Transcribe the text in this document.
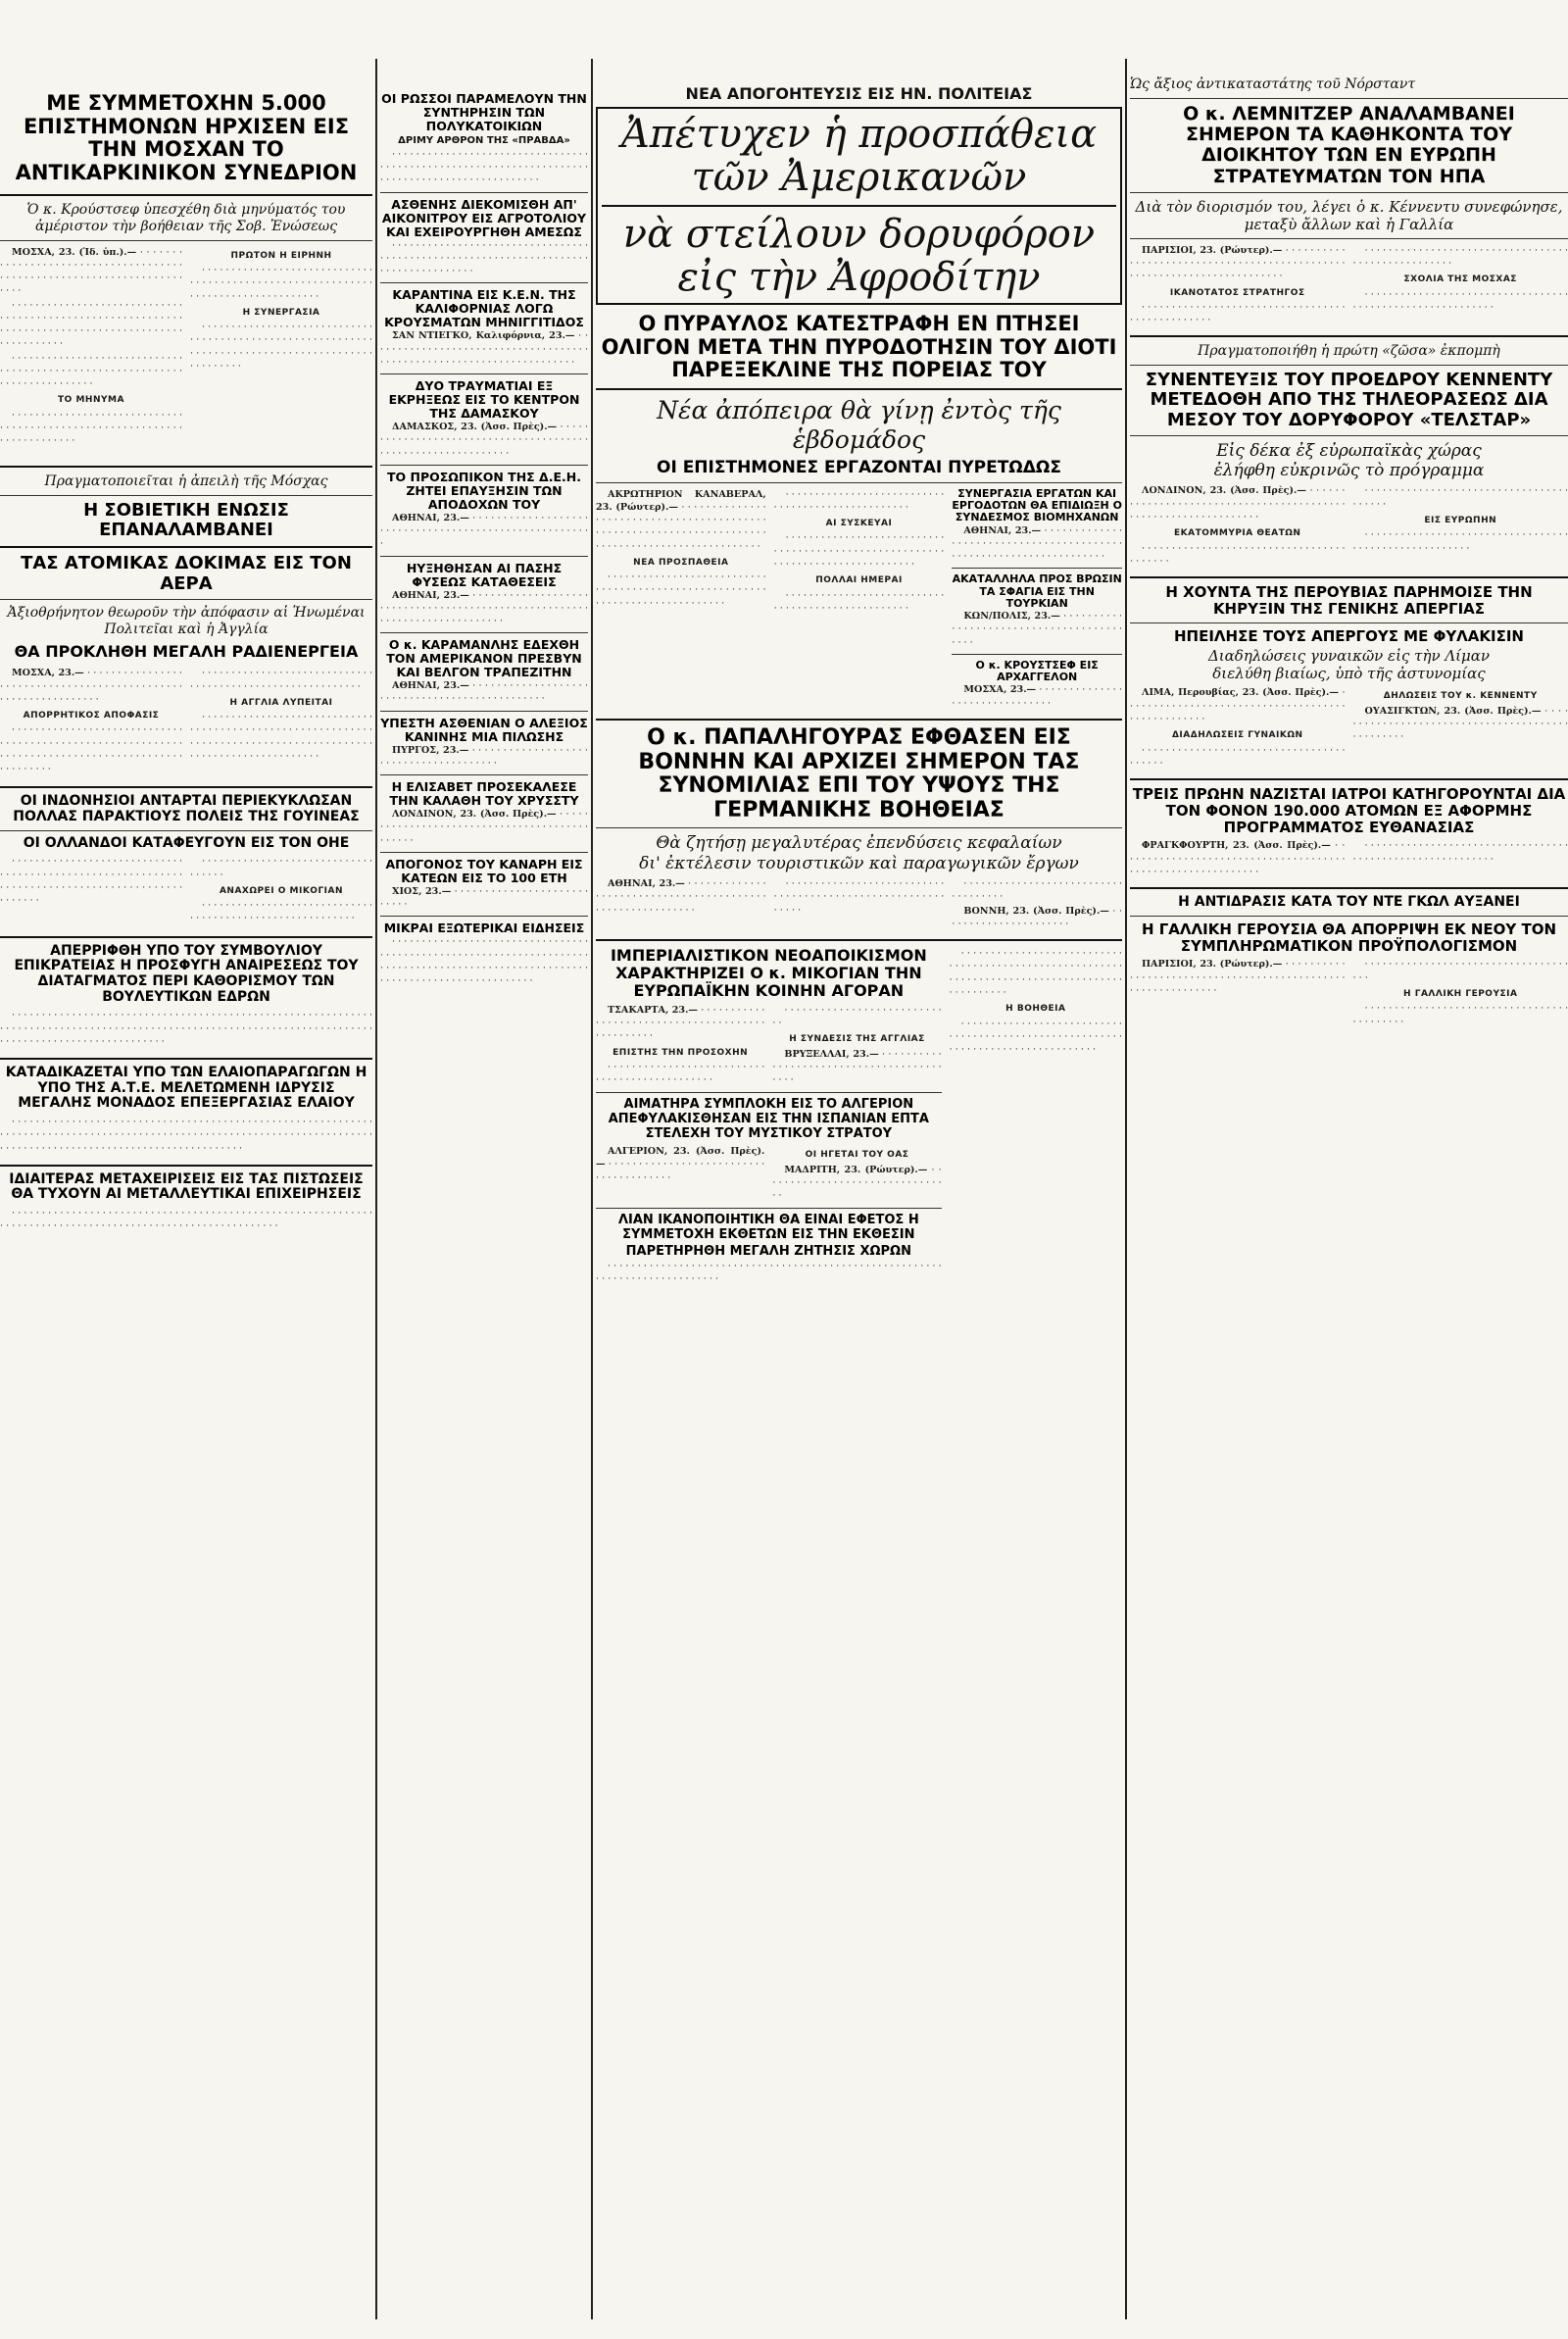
ΜΕ ΣΥΜΜΕΤΟΧΗΝ 5.000 ΕΠΙΣΤΗΜΟΝΩΝ ΗΡΧΙΣΕΝ ΕΙΣ ΤΗΝ ΜΟΣΧΑΝ ΤΟ ΑΝΤΙΚΑΡΚΙΝΙΚΟΝ ΣΥΝΕΔΡΙΟΝ
Ὁ κ. Κρούστσεφ ὑπεσχέθη διὰ μηνύματός του ἀμέριστον τὴν βοήθειαν τῆς Σοβ. Ἑνώσεως

ΜΟΣΧΑ, 23. (Ἰδ. ὑπ.).— · · · · · · · · · · · · · · · · · · · · · · · · · · · · · · · · · · · · · · · · · · · · · · · · · · · · · · · · · · · · · · · · · · · · · · ·

· · · · · · · · · · · · · · · · · · · · · · · · · · · · · · · · · · · · · · · · · · · · · · · · · · · · · · · · · · · · · · · · · · · · · · · · · · · · · · · · · · · · · · · · · · · · · · · · · · · ·

· · · · · · · · · · · · · · · · · · · · · · · · · · · · · · · · · · · · · · · · · · · · · · · · · · · · · · · · · · · · · · · · · · · · · · · · · · ·

ΤΟ ΜΗΝΥΜΑ

· · · · · · · · · · · · · · · · · · · · · · · · · · · · · · · · · · · · · · · · · · · · · · · · · · · · · · · · · · · · · · · · · · · · · · · ·

ΠΡΩΤΟΝ Η ΕΙΡΗΝΗ

· · · · · · · · · · · · · · · · · · · · · · · · · · · · · · · · · · · · · · · · · · · · · · · · · · · · · · · · · · · · · · · · · · · · · · · · · · · · · · · · ·

Η ΣΥΝΕΡΓΑΣΙΑ

· · · · · · · · · · · · · · · · · · · · · · · · · · · · · · · · · · · · · · · · · · · · · · · · · · · · · · · · · · · · · · · · · · · · · · · · · · · · · · · · · · · · · · · · · · · · · · · · · ·

Πραγματοποιεῖται ἡ ἀπειλὴ τῆς Μόσχας
Η ΣΟΒΙΕΤΙΚΗ ΕΝΩΣΙΣ ΕΠΑΝΑΛΑΜΒΑΝΕΙ
ΤΑΣ ΑΤΟΜΙΚΑΣ ΔΟΚΙΜΑΣ ΕΙΣ ΤΟΝ ΑΕΡΑ
Ἀξιοθρήνητον θεωροῦν τὴν ἀπόφασιν αἱ Ἡνωμέναι Πολιτεῖαι καὶ ἡ Ἀγγλία
ΘΑ ΠΡΟΚΛΗΘΗ ΜΕΓΑΛΗ ΡΑΔΙΕΝΕΡΓΕΙΑ

ΜΟΣΧΑ, 23.— · · · · · · · · · · · · · · · · · · · · · · · · · · · · · · · · · · · · · · · · · · · · · · · · · · · · · · · · · · · · · · ·

ΑΠΟΡΡΗΤΙΚΟΣ ΑΠΟΦΑΣΙΣ

· · · · · · · · · · · · · · · · · · · · · · · · · · · · · · · · · · · · · · · · · · · · · · · · · · · · · · · · · · · · · · · · · · · · · · · · · · · · · · · · · · · · · · · · · · · · · · · · · ·

· · · · · · · · · · · · · · · · · · · · · · · · · · · · · · · · · · · · · · · · · · · · · · · · · · · · · · · · · ·

Η ΑΓΓΛΙΑ ΛΥΠΕΙΤΑΙ

· · · · · · · · · · · · · · · · · · · · · · · · · · · · · · · · · · · · · · · · · · · · · · · · · · · · · · · · · · · · · · · · · · · · · · · · · · · · · · · · · · · · · · · · · · · · · · · · · · · · · · · · · · · · · · ·

ΟΙ ΙΝΔΟΝΗΣΙΟΙ ΑΝΤΑΡΤΑΙ ΠΕΡΙΕΚΥΚΛΩΣΑΝ ΠΟΛΛΑΣ ΠΑΡΑΚΤΙΟΥΣ ΠΟΛΕΙΣ ΤΗΣ ΓΟΥΙΝΕΑΣ
ΟΙ ΟΛΛΑΝΔΟΙ ΚΑΤΑΦΕΥΓΟΥΝ ΕΙΣ ΤΟΝ ΟΗΕ

· · · · · · · · · · · · · · · · · · · · · · · · · · · · · · · · · · · · · · · · · · · · · · · · · · · · · · · · · · · · · · · · · · · · · · · · · · · · · · · · · · · · · · · · · · · · · · · ·

· · · · · · · · · · · · · · · · · · · · · · · · · · · · · · · · · · ·

ΑΝΑΧΩΡΕΙ Ο ΜΙΚΟΓΙΑΝ

· · · · · · · · · · · · · · · · · · · · · · · · · · · · · · · · · · · · · · · · · · · · · · · · · · · · · · · · ·

ΑΠΕΡΡΙΦΘΗ ΥΠΟ ΤΟΥ ΣΥΜΒΟΥΛΙΟΥ ΕΠΙΚΡΑΤΕΙΑΣ Η ΠΡΟΣΦΥΓΗ ΑΝΑΙΡΕΣΕΩΣ ΤΟΥ ΔΙΑΤΑΓΜΑΤΟΣ ΠΕΡΙ ΚΑΘΟΡΙΣΜΟΥ ΤΩΝ ΒΟΥΛΕΥΤΙΚΩΝ ΕΔΡΩΝ

· · · · · · · · · · · · · · · · · · · · · · · · · · · · · · · · · · · · · · · · · · · · · · · · · · · · · · · · · · · · · · · · · · · · · · · · · · · · · · · · · · · · · · · · · · · · · · · · · · · · · · · · · · · · · · · · · · · · · · · · · · · · · · · · · · · · · · · · · · · · · · · · · · · · · ·

ΚΑΤΑΔΙΚΑΖΕΤΑΙ ΥΠΟ ΤΩΝ ΕΛΑΙΟΠΑΡΑΓΩΓΩΝ Η ΥΠΟ ΤΗΣ Α.Τ.Ε. ΜΕΛΕΤΩΜΕΝΗ ΙΔΡΥΣΙΣ ΜΕΓΑΛΗΣ ΜΟΝΑΔΟΣ ΕΠΕΞΕΡΓΑΣΙΑΣ ΕΛΑΙΟΥ

· · · · · · · · · · · · · · · · · · · · · · · · · · · · · · · · · · · · · · · · · · · · · · · · · · · · · · · · · · · · · · · · · · · · · · · · · · · · · · · · · · · · · · · · · · · · · · · · · · · · · · · · · · · · · · · · · · · · · · · · · · · · · · · · · · · · · · · · · · · · · · · · · · · · · · · · · · · · · · · · · · ·

ΙΔΙΑΙΤΕΡΑΣ ΜΕΤΑΧΕΙΡΙΣΕΙΣ ΕΙΣ ΤΑΣ ΠΙΣΤΩΣΕΙΣ ΘΑ ΤΥΧΟΥΝ ΑΙ ΜΕΤΑΛΛΕΥΤΙΚΑΙ ΕΠΙΧΕΙΡΗΣΕΙΣ

· · · · · · · · · · · · · · · · · · · · · · · · · · · · · · · · · · · · · · · · · · · · · · · · · · · · · · · · · · · · · · · · · · · · · · · · · · · · · · · · · · · · · · · · · · · · · · · · · · · · · · · · · · ·

ΟΙ ΡΩΣΣΟΙ ΠΑΡΑΜΕΛΟΥΝ ΤΗΝ ΣΥΝΤΗΡΗΣΙΝ ΤΩΝ ΠΟΛΥΚΑΤΟΙΚΙΩΝ
ΔΡΙΜΥ ΑΡΘΡΟΝ ΤΗΣ «ΠΡΑΒΔΑ»

· · · · · · · · · · · · · · · · · · · · · · · · · · · · · · · · · · · · · · · · · · · · · · · · · · · · · · · · · · · · · · · · · · · · · · · · · · · · · · · · · · · · · · · · · · · · · · ·

ΑΣΘΕΝΗΣ ΔΙΕΚΟΜΙΣΘΗ ΑΠ' ΑΙΚΟΝΙΤΡΟΥ ΕΙΣ ΑΓΡΟΤΟΛΙΟΥ ΚΑΙ ΕΧΕΙΡΟΥΡΓΗΘΗ ΑΜΕΣΩΣ

· · · · · · · · · · · · · · · · · · · · · · · · · · · · · · · · · · · · · · · · · · · · · · · · · · · · · · · · · · · · · · · · · · · · · · · · · · · · · · · · · · · ·

ΚΑΡΑΝΤΙΝΑ ΕΙΣ Κ.Ε.Ν. ΤΗΣ ΚΑΛΙΦΟΡΝΙΑΣ ΛΟΓΩ ΚΡΟΥΣΜΑΤΩΝ ΜΗΝΙΓΓΙΤΙΔΟΣ

ΣΑΝ ΝΤΙΕΓΚΟ, Καλιφόρνια, 23.— · · · · · · · · · · · · · · · · · · · · · · · · · · · · · · · · · · · · · · · · · · · · · · · · · · · · · · · · · · · · · · · · · · · · · ·

ΔΥΟ ΤΡΑΥΜΑΤΙΑΙ ΕΞ ΕΚΡΗΞΕΩΣ ΕΙΣ ΤΟ ΚΕΝΤΡΟΝ ΤΗΣ ΔΑΜΑΣΚΟΥ

ΔΑΜΑΣΚΟΣ, 23. (Ἀσσ. Πρὲς).— · · · · · · · · · · · · · · · · · · · · · · · · · · · · · · · · · · · · · · · · · · · · · · · · · · · · · · · · · · · · · ·

ΤΟ ΠΡΟΣΩΠΙΚΟΝ ΤΗΣ Δ.Ε.Η. ΖΗΤΕΙ ΕΠΑΥΞΗΣΙΝ ΤΩΝ ΑΠΟΔΟΧΩΝ ΤΟΥ

ΑΘΗΝΑΙ, 23.— · · · · · · · · · · · · · · · · · · · · · · · · · · · · · · · · · · · · · · · · · · · · · · · · · · · · · · ·

ΗΥΞΗΘΗΣΑΝ ΑΙ ΠΑΣΗΣ ΦΥΣΕΩΣ ΚΑΤΑΘΕΣΕΙΣ

ΑΘΗΝΑΙ, 23.— · · · · · · · · · · · · · · · · · · · · · · · · · · · · · · · · · · · · · · · · · · · · · · · · · · · · · · · · · · · · · · · · · · · · · · · · · · ·

Ο κ. ΚΑΡΑΜΑΝΛΗΣ ΕΔΕΧΘΗ ΤΟΝ ΑΜΕΡΙΚΑΝΟΝ ΠΡΕΣΒΥΝ ΚΑΙ ΒΕΛΓΟΝ ΤΡΑΠΕΖΙΤΗΝ

ΑΘΗΝΑΙ, 23.— · · · · · · · · · · · · · · · · · · · · · · · · · · · · · · · · · · · · · · · · · · · · · · ·

ΥΠΕΣΤΗ ΑΣΘΕΝΙΑΝ Ο ΑΛΕΞΙΟΣ ΚΑΝΙΝΗΣ ΜΙΑ ΠΙΛΩΣΗΣ

ΠΥΡΓΟΣ, 23.— · · · · · · · · · · · · · · · · · · · · · · · · · · · · · · · · · · · · · · ·

Η ΕΛΙΣΑΒΕΤ ΠΡΟΣΕΚΑΛΕΣΕ ΤΗΝ ΚΑΛΑΘΗ ΤΟΥ ΧΡΥΣΣΤΥ

ΛΟΝΔΙΝΟΝ, 23. (Ἀσσ. Πρὲς).— · · · · · · · · · · · · · · · · · · · · · · · · · · · · · · · · · · · · · · · · · · · · · ·

ΑΠΟΓΟΝΟΣ ΤΟΥ ΚΑΝΑΡΗ ΕΙΣ ΚΑΤΕΩΝ ΕΙΣ ΤΟ 100 ΕΤΗ

ΧΙΟΣ, 23.— · · · · · · · · · · · · · · · · · · · · · · · · · · ·

ΜΙΚΡΑΙ ΕΞΩΤΕΡΙΚΑΙ ΕΙΔΗΣΕΙΣ

· · · · · · · · · · · · · · · · · · · · · · · · · · · · · · · · · · · · · · · · · · · · · · · · · · · · · · · · · · · · · · · · · · · · · · · · · · · · · · · · · · · · · · · · · · · · · · · · · · · · · · · · · · · · · · · · · · · · · · · · · · · · · · · · ·

ΝΕΑ ΑΠΟΓΟΗΤΕΥΣΙΣ ΕΙΣ ΗΝ. ΠΟΛΙΤΕΙΑΣ
Ἀπέτυχεν ἡ προσπάθεια τῶν Ἀμερικανῶν
νὰ στείλουν δορυφόρον εἰς τὴν Ἀφροδίτην
Ο ΠΥΡΑΥΛΟΣ ΚΑΤΕΣΤΡΑΦΗ ΕΝ ΠΤΗΣΕΙ ΟΛΙΓΟΝ ΜΕΤΑ ΤΗΝ ΠΥΡΟΔΟΤΗΣΙΝ ΤΟΥ ΔΙΟΤΙ ΠΑΡΕΞΕΚΛΙΝΕ ΤΗΣ ΠΟΡΕΙΑΣ ΤΟΥ
Νέα ἀπόπειρα θὰ γίνῃ ἐντὸς τῆς ἑβδομάδος
ΟΙ ΕΠΙΣΤΗΜΟΝΕΣ ΕΡΓΑΖΟΝΤΑΙ ΠΥΡΕΤΩΔΩΣ

ΑΚΡΩΤΗΡΙΟΝ ΚΑΝΑΒΕΡΑΛ, 23. (Ρώυτερ).— · · · · · · · · · · · · · · · · · · · · · · · · · · · · · · · · · · · · · · · · · · · · · · · · · · · · · · · · · · · · · · · · · · · · · · · · · · · · · · · · · · · · · · · · · · · · · · · · · ·

ΝΕΑ ΠΡΟΣΠΑΘΕΙΑ

· · · · · · · · · · · · · · · · · · · · · · · · · · · · · · · · · · · · · · · · · · · · · · · · · · · · · · · · · · · · · · · · · · · · · · · · · · · · ·

· · · · · · · · · · · · · · · · · · · · · · · · · · · · · · · · · · · · · · · · · · · · · · · · · ·

ΑΙ ΣΥΣΚΕΥΑΙ

· · · · · · · · · · · · · · · · · · · · · · · · · · · · · · · · · · · · · · · · · · · · · · · · · · · · · · · · · · · · · · · · · · · · · · · · · · · · · · ·

ΠΟΛΛΑΙ ΗΜΕΡΑΙ

· · · · · · · · · · · · · · · · · · · · · · · · · · · · · · · · · · · · · · · · · · · · · · · · · ·

ΣΥΝΕΡΓΑΣΙΑ ΕΡΓΑΤΩΝ ΚΑΙ ΕΡΓΟΔΟΤΩΝ ΘΑ ΕΠΙΔΙΩΞΗ Ο ΣΥΝΔΕΣΜΟΣ ΒΙΟΜΗΧΑΝΩΝ

ΑΘΗΝΑΙ, 23.— · · · · · · · · · · · · · · · · · · · · · · · · · · · · · · · · · · · · · · · · · · · · · · · · · · · · · · · · · · · · · · · · · · ·

ΑΚΑΤΑΛΛΗΛΑ ΠΡΟΣ ΒΡΩΣΙΝ ΤΑ ΣΦΑΓΙΑ ΕΙΣ ΤΗΝ ΤΟΥΡΚΙΑΝ

ΚΩΝ/ΠΟΛΙΣ, 23.— · · · · · · · · · · · · · · · · · · · · · · · · · · · · · · · · · · · · · · · · · ·

Ο κ. ΚΡΟΥΣΤΣΕΦ ΕΙΣ ΑΡΧΑΓΓΕΛΟΝ

ΜΟΣΧΑ, 23.— · · · · · · · · · · · · · · · · · · · · · · · · · · · · · · ·

Ο κ. ΠΑΠΑΛΗΓΟΥΡΑΣ ΕΦΘΑΣΕΝ ΕΙΣ ΒΟΝΝΗΝ ΚΑΙ ΑΡΧΙΖΕΙ ΣΗΜΕΡΟΝ ΤΑΣ ΣΥΝΟΜΙΛΙΑΣ ΕΠΙ ΤΟΥ ΥΨΟΥΣ ΤΗΣ ΓΕΡΜΑΝΙΚΗΣ ΒΟΗΘΕΙΑΣ
Θὰ ζητήσῃ μεγαλυτέρας ἐπενδύσεις κεφαλαίων
δι' ἐκτέλεσιν τουριστικῶν καὶ παραγωγικῶν ἔργων

ΑΘΗΝΑΙ, 23.— · · · · · · · · · · · · · · · · · · · · · · · · · · · · · · · · · · · · · · · · · · · · · · · · · · · · · · · · · ·

· · · · · · · · · · · · · · · · · · · · · · · · · · · · · · · · · · · · · · · · · · · · · · · · · · · · · · · · · · · ·

· · · · · · · · · · · · · · · · · · · · · · · · · · · · · · · · · · · ·

ΒΟΝΝΗ, 23. (Ἀσσ. Πρὲς).— · · · · · · · · · · · · · · · · · · · · · ·

ΙΜΠΕΡΙΑΛΙΣΤΙΚΟΝ ΝΕΟΑΠΟΙΚΙΣΜΟΝ ΧΑΡΑΚΤΗΡΙΖΕΙ Ο κ. ΜΙΚΟΓΙΑΝ ΤΗΝ ΕΥΡΩΠΑΪΚΗΝ ΚΟΙΝΗΝ ΑΓΟΡΑΝ

ΤΣΑΚΑΡΤΑ, 23.— · · · · · · · · · · · · · · · · · · · · · · · · · · · · · · · · · · · · · · · · · · · · · · · · ·

ΕΠΙΣΤΗΣ ΤΗΝ ΠΡΟΣΟΧΗΝ

· · · · · · · · · · · · · · · · · · · · · · · · · · · · · · · · · · · · · · · · · · · · · ·

· · · · · · · · · · · · · · · · · · · · · · · · · · · ·

Η ΣΥΝΔΕΣΙΣ ΤΗΣ ΑΓΓΛΙΑΣ

ΒΡΥΞΕΛΛΑΙ, 23.— · · · · · · · · · · · · · · · · · · · · · · · · · · · · · · · · · · · · · · · · · ·

ΑΙΜΑΤΗΡΑ ΣΥΜΠΛΟΚΗ ΕΙΣ ΤΟ ΑΛΓΕΡΙΟΝ ΑΠΕΦΥΛΑΚΙΣΘΗΣΑΝ ΕΙΣ ΤΗΝ ΙΣΠΑΝΙΑΝ ΕΠΤΑ ΣΤΕΛΕΧΗ ΤΟΥ ΜΥΣΤΙΚΟΥ ΣΤΡΑΤΟΥ

ΑΛΓΕΡΙΟΝ, 23. (Ἀσσ. Πρὲς).— · · · · · · · · · · · · · · · · · · · · · · · · · · · · · · · · · · · · · · ·

ΟΙ ΗΓΕΤΑΙ ΤΟΥ ΟΑΣ

ΜΑΔΡΙΤΗ, 23. (Ρώυτερ).— · · · · · · · · · · · · · · · · · · · · · · · · · · · · · · · ·

ΛΙΑΝ ΙΚΑΝΟΠΟΙΗΤΙΚΗ ΘΑ ΕΙΝΑΙ ΕΦΕΤΟΣ Η ΣΥΜΜΕΤΟΧΗ ΕΚΘΕΤΩΝ ΕΙΣ ΤΗΝ ΕΚΘΕΣΙΝ
ΠΑΡΕΤΗΡΗΘΗ ΜΕΓΑΛΗ ΖΗΤΗΣΙΣ ΧΩΡΩΝ

· · · · · · · · · · · · · · · · · · · · · · · · · · · · · · · · · · · · · · · · · · · · · · · · · · · · · · · · · · · · · · · · · · · · · · · · · · · · ·

· · · · · · · · · · · · · · · · · · · · · · · · · · · · · · · · · · · · · · · · · · · · · · · · · · · · · · · · · · · · · · · · · · · · · · · · · · · · · · · · · · · · · · · · · · · · · · ·

Η ΒΟΗΘΕΙΑ

· · · · · · · · · · · · · · · · · · · · · · · · · · · · · · · · · · · · · · · · · · · · · · · · · · · · · · · · · · · · · · · · · · · · · · · · · · · · · · · · ·

Ὡς ἄξιος ἀντικαταστάτης τοῦ Νόρσταντ
Ο κ. ΛΕΜΝΙΤΖΕΡ ΑΝΑΛΑΜΒΑΝΕΙ ΣΗΜΕΡΟΝ ΤΑ ΚΑΘΗΚΟΝΤΑ ΤΟΥ ΔΙΟΙΚΗΤΟΥ ΤΩΝ ΕΝ ΕΥΡΩΠΗ ΣΤΡΑΤΕΥΜΑΤΩΝ ΤΟΝ ΗΠΑ
Διὰ τὸν διορισμόν του, λέγει ὁ κ. Κέννεντυ συνεφώνησε, μεταξὺ ἄλλων καὶ ἡ Γαλλία

ΠΑΡΙΣΙΟΙ, 23. (Ρώυτερ).— · · · · · · · · · · · · · · · · · · · · · · · · · · · · · · · · · · · · · · · · · · · · · · · · · · · · · · · · · · · · · · · · · · · · · · · ·

ΙΚΑΝΟΤΑΤΟΣ ΣΤΡΑΤΗΓΟΣ

· · · · · · · · · · · · · · · · · · · · · · · · · · · · · · · · · · · · · · · · · · · · · · · ·

· · · · · · · · · · · · · · · · · · · · · · · · · · · · · · · · · · · · · · · · · · · · · · · · · · ·

ΣΧΟΛΙΑ ΤΗΣ ΜΟΣΧΑΣ

· · · · · · · · · · · · · · · · · · · · · · · · · · · · · · · · · · · · · · · · · · · · · · · · · · · · · · · · · ·

Πραγματοποιήθη ἡ πρώτη «ζῶσα» ἐκπομπὴ
ΣΥΝΕΝΤΕΥΞΙΣ ΤΟΥ ΠΡΟΕΔΡΟΥ ΚΕΝΝΕΝΤΥ ΜΕΤΕΔΟΘΗ ΑΠΟ ΤΗΣ ΤΗΛΕΟΡΑΣΕΩΣ ΔΙΑ ΜΕΣΟΥ ΤΟΥ ΔΟΡΥΦΟΡΟΥ «ΤΕΛΣΤΑΡ»
Εἰς δέκα ἐξ εὐρωπαϊκὰς χώρας
ἐλήφθη εὐκρινῶς τὸ πρόγραμμα

ΛΟΝΔΙΝΟΝ, 23. (Ἀσσ. Πρὲς).— · · · · · · · · · · · · · · · · · · · · · · · · · · · · · · · · · · · · · · · · · · · · · · · · · · · · · · · · · · · · · · · ·

ΕΚΑΤΟΜΜΥΡΙΑ ΘΕΑΤΩΝ

· · · · · · · · · · · · · · · · · · · · · · · · · · · · · · · · · · · · · · · · ·

· · · · · · · · · · · · · · · · · · · · · · · · · · · · · · · · · · · · · · · ·

ΕΙΣ ΕΥΡΩΠΗΝ

· · · · · · · · · · · · · · · · · · · · · · · · · · · · · · · · · · · · · · · · · · · · · · · · · · · · · ·

Η ΧΟΥΝΤΑ ΤΗΣ ΠΕΡΟΥΒΙΑΣ ΠΑΡΗΜΟΙΣΕ ΤΗΝ ΚΗΡΥΞΙΝ ΤΗΣ ΓΕΝΙΚΗΣ ΑΠΕΡΓΙΑΣ
ΗΠΕΙΛΗΣΕ ΤΟΥΣ ΑΠΕΡΓΟΥΣ ΜΕ ΦΥΛΑΚΙΣΙΝ
Διαδηλώσεις γυναικῶν εἰς τὴν Λίμαν
διελύθη βιαίως, ὑπὸ τῆς ἀστυνομίας

ΛΙΜΑ, Περουβίας, 23. (Ἀσσ. Πρὲς).— · · · · · · · · · · · · · · · · · · · · · · · · · · · · · · · · · · · · · · · · · · · · · · · · · ·

ΔΙΑΔΗΛΩΣΕΙΣ ΓΥΝΑΙΚΩΝ

· · · · · · · · · · · · · · · · · · · · · · · · · · · · · · · · · · · · · · · ·

ΔΗΛΩΣΕΙΣ ΤΟΥ κ. ΚΕΝΝΕΝΤΥ

ΟΥΑΣΙΓΚΤΩΝ, 23. (Ἀσσ. Πρὲς).— · · · · · · · · · · · · · · · · · · · · · · · · · · · · · · · · · · · · · · · · · · · · · · · · ·

ΤΡΕΙΣ ΠΡΩΗΝ ΝΑΖΙΣΤΑΙ ΙΑΤΡΟΙ ΚΑΤΗΓΟΡΟΥΝΤΑΙ ΔΙΑ ΤΟΝ ΦΟΝΟΝ 190.000 ΑΤΟΜΩΝ ΕΞ ΑΦΟΡΜΗΣ ΠΡΟΓΡΑΜΜΑΤΟΣ ΕΥΘΑΝΑΣΙΑΣ

ΦΡΑΓΚΦΟΥΡΤΗ, 23. (Ἀσσ. Πρὲς).— · · · · · · · · · · · · · · · · · · · · · · · · · · · · · · · · · · · · · · · · · · · · · · · · · · · · · · · · · · · ·

· · · · · · · · · · · · · · · · · · · · · · · · · · · · · · · · · · · · · · · · · · · · · · · · · · · · · · · · · ·

Η ΑΝΤΙΔΡΑΣΙΣ ΚΑΤΑ ΤΟΥ ΝΤΕ ΓΚΩΛ ΑΥΞΑΝΕΙ
Η ΓΑΛΛΙΚΗ ΓΕΡΟΥΣΙΑ ΘΑ ΑΠΟΡΡΙΨΗ ΕΚ ΝΕΟΥ ΤΟΝ ΣΥΜΠΛΗΡΩΜΑΤΙΚΟΝ ΠΡΟΫΠΟΛΟΓΙΣΜΟΝ

ΠΑΡΙΣΙΟΙ, 23. (Ρώυτερ).— · · · · · · · · · · · · · · · · · · · · · · · · · · · · · · · · · · · · · · · · · · · · · · · · · · · · · · · · · · · · ·

· · · · · · · · · · · · · · · · · · · · · · · · · · · · · · · · · · · · ·

Η ΓΑΛΛΙΚΗ ΓΕΡΟΥΣΙΑ

· · · · · · · · · · · · · · · · · · · · · · · · · · · · · · · · · · · · · · · · · · ·
